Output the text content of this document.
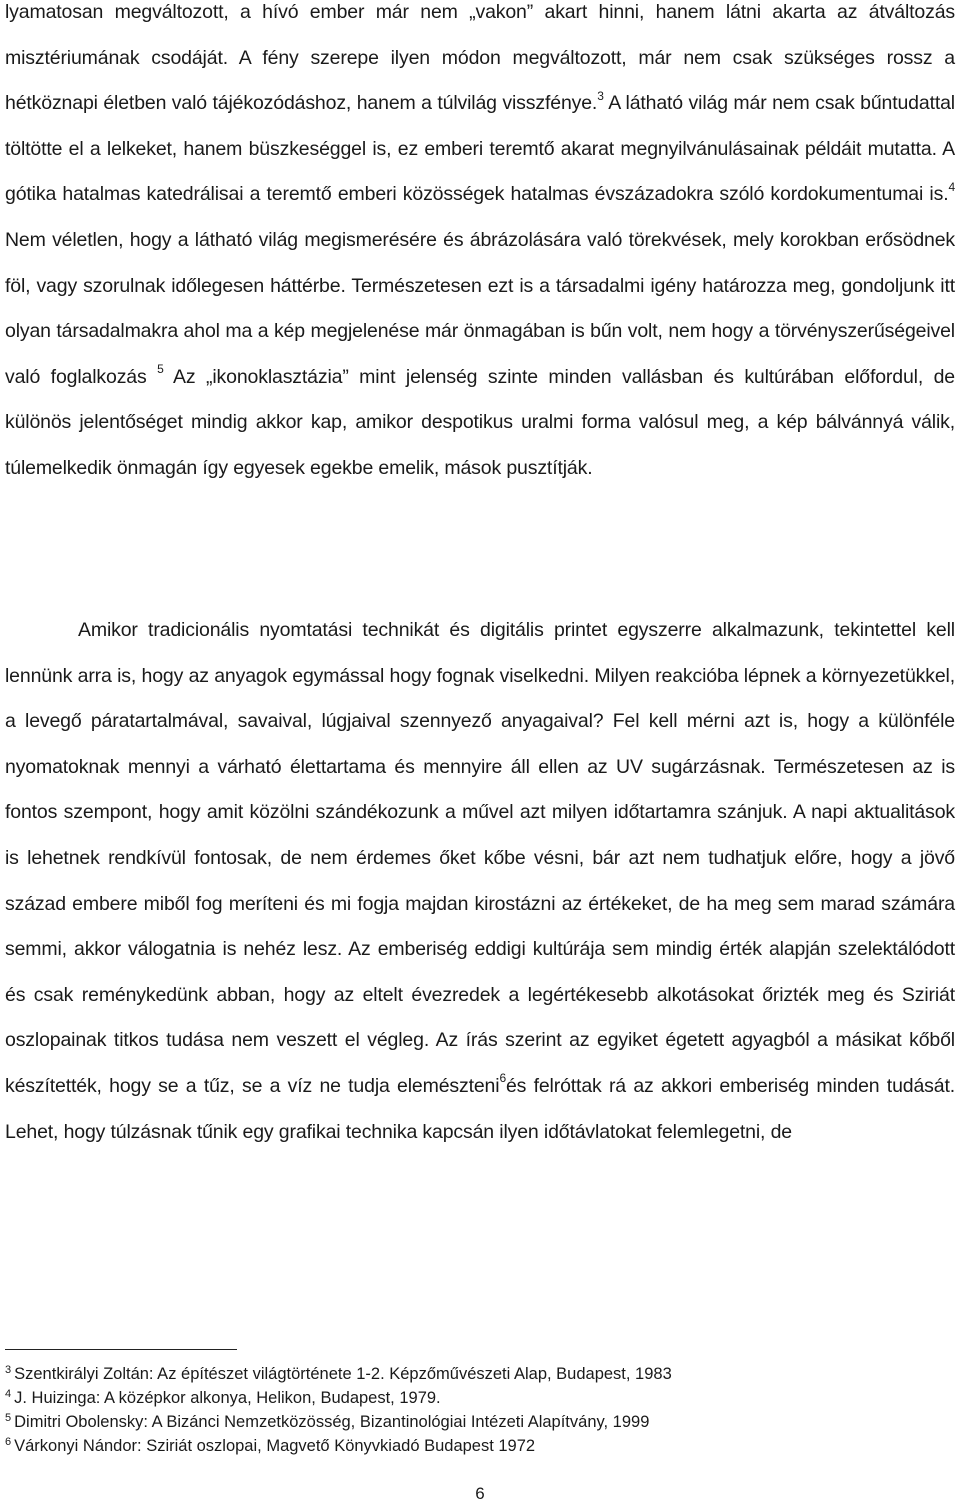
lyamatosan megváltozott, a hívó ember már nem „vakon” akart hinni, hanem látni akarta az átváltozás misztériumának csodáját. A fény szerepe ilyen módon megváltozott, már nem csak szükséges rossz a hétköznapi életben való tájékozódáshoz, hanem a túlvilág visszfénye.$^3$ A látható világ már nem csak bűntudattal töltötte el a lelkeket, hanem büszkeséggel is, ez emberi teremtő akarat megnyilvánulásainak példáit mutatta. A gótika hatalmas katedrálisai a teremtő emberi közösségek hatalmas évszázadokra szóló kordokumentumai is.$^4$ Nem véletlen, hogy a látható világ megismerésére és ábrázolására való törekvések, mely korokban erősödnek föl, vagy szorulnak időlegesen háttérbe. Természetesen ezt is a társadalmi igény határozza meg, gondoljunk itt olyan társadalmakra ahol ma a kép megjelenése már önmagában is bűn volt, nem hogy a törvényszerűségeivel való foglalkozás $^5$ Az „ikonoklasztázia” mint jelenség szinte minden vallásban és kultúrában előfordul, de különös jelentőséget mindig akkor kap, amikor despotikus uralmi forma valósul meg, a kép bálvánnyá válik, túlemelkedik önmagán így egyesek egekbe emelik, mások pusztítják.

Amikor tradicionális nyomtatási technikát és digitális printet egyszerre alkalmazunk, tekintettel kell lennünk arra is, hogy az anyagok egymással hogy fognak viselkedni. Milyen reakcióba lépnek a környezetükkel, a levegő páratartalmával, savaival, lúgjaival szennyező anyagaival? Fel kell mérni azt is, hogy a különféle nyomatoknak mennyi a várható élettartama és mennyire áll ellen az UV sugárzásnak. Természetesen az is fontos szempont, hogy amit közölni szándékozunk a művel azt milyen időtartamra szánjuk. A napi aktualitások is lehetnek rendkívül fontosak, de nem érdemes őket kőbe vésni, bár azt nem tudhatjuk előre, hogy a jövő század embere miből fog meríteni és mi fogja majdan kirostázni az értékeket, de ha meg sem marad számára semmi, akkor válogatnia is nehéz lesz. Az emberiség eddigi kultúrája sem mindig érték alapján szelektálódott és csak reménykedünk abban, hogy az eltelt évezredek a legértékesebb alkotásokat őrizték meg és Sziriát oszlopainak titkos tudása nem veszett el végleg. Az írás szerint az egyiket égetett agyagból a másikat kőből készítették, hogy se a tűz, se a víz ne tudja elemészteni$^6$és felróttak rá az akkori emberiség minden tudását. Lehet, hogy túlzásnak tűnik egy grafikai technika kapcsán ilyen időtávlatokat felemlegetni, de

$^3$ Szentkirályi Zoltán: Az építészet világtörténete 1-2. Képzőművészeti Alap, Budapest, 1983
$^4$ J. Huizinga: A középkor alkonya, Helikon, Budapest, 1979.
$^5$ Dimitri Obolensky: A Bizánci Nemzetközösség, Bizantinológiai Intézeti Alapítvány, 1999
$^6$ Várkonyi Nándor: Sziriát oszlopai, Magvető Könyvkiadó Budapest 1972
6
